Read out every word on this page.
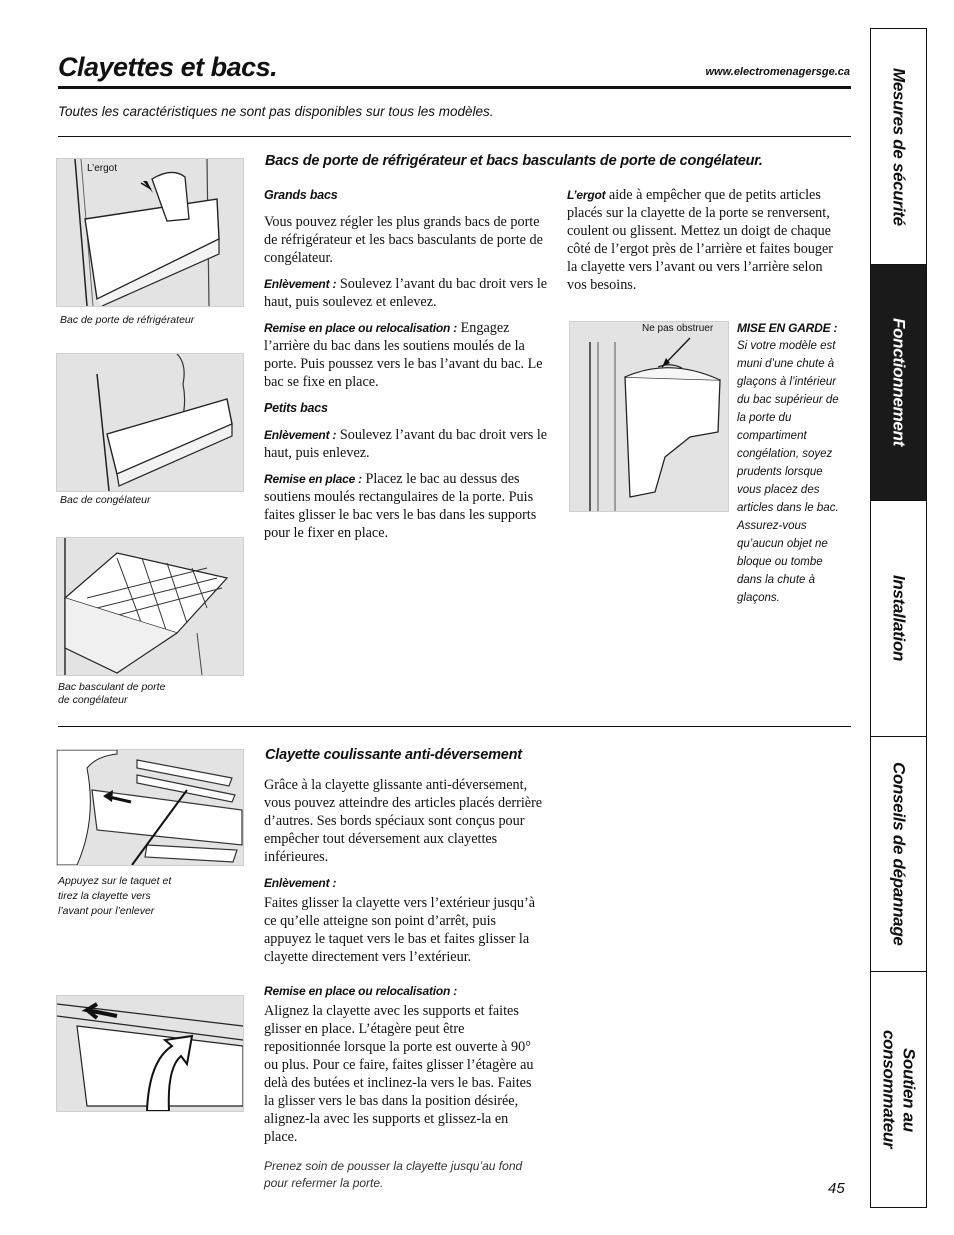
Clayettes et bacs.	www.electromenagersge.ca
Toutes les caractéristiques ne sont pas disponibles sur tous les modèles.
L’ergot
Bac de porte de réfrigérateur
Bac de congélateur
Bac basculant de porte
de congélateur
Bacs de porte de réfrigérateur et bacs basculants de porte de congélateur.
Grands bacs

Vous pouvez régler les plus grands bacs de porte de réfrigérateur et les bacs basculants de porte de congélateur.

Enlèvement : Soulevez l’avant du bac droit vers le haut, puis soulevez et enlevez.

Remise en place ou relocalisation : Engagez l’arrière du bac dans les soutiens moulés de la porte. Puis poussez vers le bas l’avant du bac. Le bac se fixe en place.

Petits bacs

Enlèvement : Soulevez l’avant du bac droit vers le haut, puis enlevez.

Remise en place : Placez le bac au dessus des soutiens moulés rectangulaires de la porte. Puis faites glisser le bac vers le bas dans les supports pour le fixer en place.

L’ergot aide à empêcher que de petits articles placés sur la clayette de la porte se renversent, coulent ou glissent. Mettez un doigt de chaque côté de l’ergot près de l’arrière et faites bouger la clayette vers l’avant ou vers l’arrière selon vos besoins.
Ne pas obstruer MISE EN GARDE :
Si votre modèle est muni d’une chute à glaçons à l’intérieur du bac supérieur de la porte du compartiment congélation, soyez prudents lorsque vous placez des articles dans le bac. Assurez-vous qu’aucun objet ne bloque ou tombe dans la chute à glaçons.
Appuyez sur le taquet et
tirez la clayette vers
l’avant pour l’enlever
Clayette coulissante anti-déversement

Grâce à la clayette glissante anti-déversement, vous pouvez atteindre des articles placés derrière d’autres. Ses bords spéciaux sont conçus pour empêcher tout déversement aux clayettes inférieures.

Enlèvement :

Faites glisser la clayette vers l’extérieur jusqu’à ce qu’elle atteigne son point d’arrêt, puis appuyez le taquet vers le bas et faites glisser la clayette directement vers l’extérieur.

Remise en place ou relocalisation :

Alignez la clayette avec les supports et faites glisser en place. L’étagère peut être repositionnée lorsque la porte est ouverte à 90° ou plus. Pour ce faire, faites glisser l’étagère au delà des butées et inclinez-la vers le bas. Faites la glisser vers le bas dans la position désirée, alignez-la avec les supports et glissez-la en place.

Prenez soin de pousser la clayette jusqu’au fond pour refermer la porte.	45
Mesures de sécurité
Fonctionnement
Installation
Conseils de dépannage
Soutien au consommateur
